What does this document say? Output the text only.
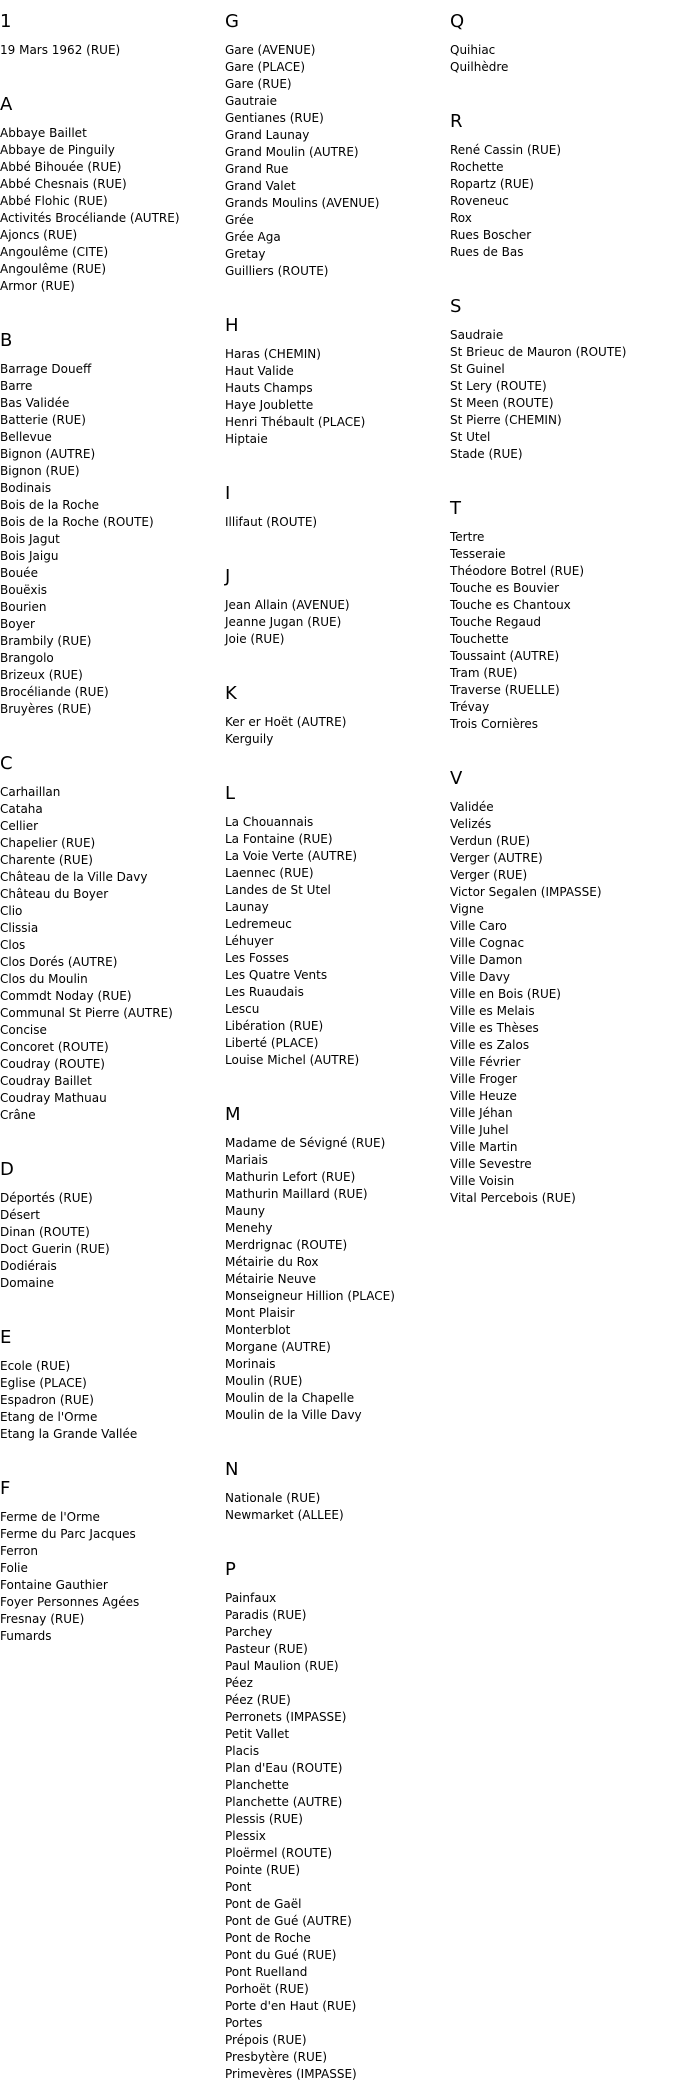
1
19 Mars 1962 (RUE)
A
Abbaye Baillet
Abbaye de Pinguily
Abbé Bihouée (RUE)
Abbé Chesnais (RUE)
Abbé Flohic (RUE)
Activités Brocéliande (AUTRE)
Ajoncs (RUE)
Angoulême (CITE)
Angoulême (RUE)
Armor (RUE)
B
Barrage Doueff
Barre
Bas Validée
Batterie (RUE)
Bellevue
Bignon (AUTRE)
Bignon (RUE)
Bodinais
Bois de la Roche
Bois de la Roche (ROUTE)
Bois Jagut
Bois Jaigu
Bouée
Bouëxis
Bourien
Boyer
Brambily (RUE)
Brangolo
Brizeux (RUE)
Brocéliande (RUE)
Bruyères (RUE)
C
Carhaillan
Cataha
Cellier
Chapelier (RUE)
Charente (RUE)
Château de la Ville Davy
Château du Boyer
Clio
Clissia
Clos
Clos Dorés (AUTRE)
Clos du Moulin
Commdt Noday (RUE)
Communal St Pierre (AUTRE)
Concise
Concoret (ROUTE)
Coudray (ROUTE)
Coudray Baillet
Coudray Mathuau
Crâne
D
Déportés (RUE)
Désert
Dinan (ROUTE)
Doct Guerin (RUE)
Dodiérais
Domaine
E
Ecole (RUE)
Eglise (PLACE)
Espadron (RUE)
Etang de l'Orme
Etang la Grande Vallée
F
Ferme de l'Orme
Ferme du Parc Jacques
Ferron
Folie
Fontaine Gauthier
Foyer Personnes Agées
Fresnay (RUE)
Fumards
G
Gare (AVENUE)
Gare (PLACE)
Gare (RUE)
Gautraie
Gentianes (RUE)
Grand Launay
Grand Moulin (AUTRE)
Grand Rue
Grand Valet
Grands Moulins (AVENUE)
Grée
Grée Aga
Gretay
Guilliers (ROUTE)
H
Haras (CHEMIN)
Haut Valide
Hauts Champs
Haye Joublette
Henri Thébault (PLACE)
Hiptaie
I
Illifaut (ROUTE)
J
Jean Allain (AVENUE)
Jeanne Jugan (RUE)
Joie (RUE)
K
Ker er Hoët (AUTRE)
Kerguily
L
La Chouannais
La Fontaine (RUE)
La Voie Verte (AUTRE)
Laennec (RUE)
Landes de St Utel
Launay
Ledremeuc
Léhuyer
Les Fosses
Les Quatre Vents
Les Ruaudais
Lescu
Libération (RUE)
Liberté (PLACE)
Louise Michel (AUTRE)
M
Madame de Sévigné (RUE)
Mariais
Mathurin Lefort (RUE)
Mathurin Maillard (RUE)
Mauny
Menehy
Merdrignac (ROUTE)
Métairie du Rox
Métairie Neuve
Monseigneur Hillion (PLACE)
Mont Plaisir
Monterblot
Morgane (AUTRE)
Morinais
Moulin (RUE)
Moulin de la Chapelle
Moulin de la Ville Davy
N
Nationale (RUE)
Newmarket (ALLEE)
P
Painfaux
Paradis (RUE)
Parchey
Pasteur (RUE)
Paul Maulion (RUE)
Péez
Péez (RUE)
Perronets (IMPASSE)
Petit Vallet
Placis
Plan d'Eau (ROUTE)
Planchette
Planchette (AUTRE)
Plessis (RUE)
Plessix
Ploërmel (ROUTE)
Pointe (RUE)
Pont
Pont de Gaël
Pont de Gué (AUTRE)
Pont de Roche
Pont du Gué (RUE)
Pont Ruelland
Porhoët (RUE)
Porte d'en Haut (RUE)
Portes
Prépois (RUE)
Presbytère (RUE)
Primevères (IMPASSE)
Q
Quihiac
Quilhèdre
R
René Cassin (RUE)
Rochette
Ropartz (RUE)
Roveneuc
Rox
Rues Boscher
Rues de Bas
S
Saudraie
St Brieuc de Mauron (ROUTE)
St Guinel
St Lery (ROUTE)
St Meen (ROUTE)
St Pierre (CHEMIN)
St Utel
Stade (RUE)
T
Tertre
Tesseraie
Théodore Botrel (RUE)
Touche es Bouvier
Touche es Chantoux
Touche Regaud
Touchette
Toussaint (AUTRE)
Tram (RUE)
Traverse (RUELLE)
Trévay
Trois Cornières
V
Validée
Velizés
Verdun (RUE)
Verger (AUTRE)
Verger (RUE)
Victor Segalen (IMPASSE)
Vigne
Ville Caro
Ville Cognac
Ville Damon
Ville Davy
Ville en Bois (RUE)
Ville es Melais
Ville es Thèses
Ville es Zalos
Ville Février
Ville Froger
Ville Heuze
Ville Jéhan
Ville Juhel
Ville Martin
Ville Sevestre
Ville Voisin
Vital Percebois (RUE)
